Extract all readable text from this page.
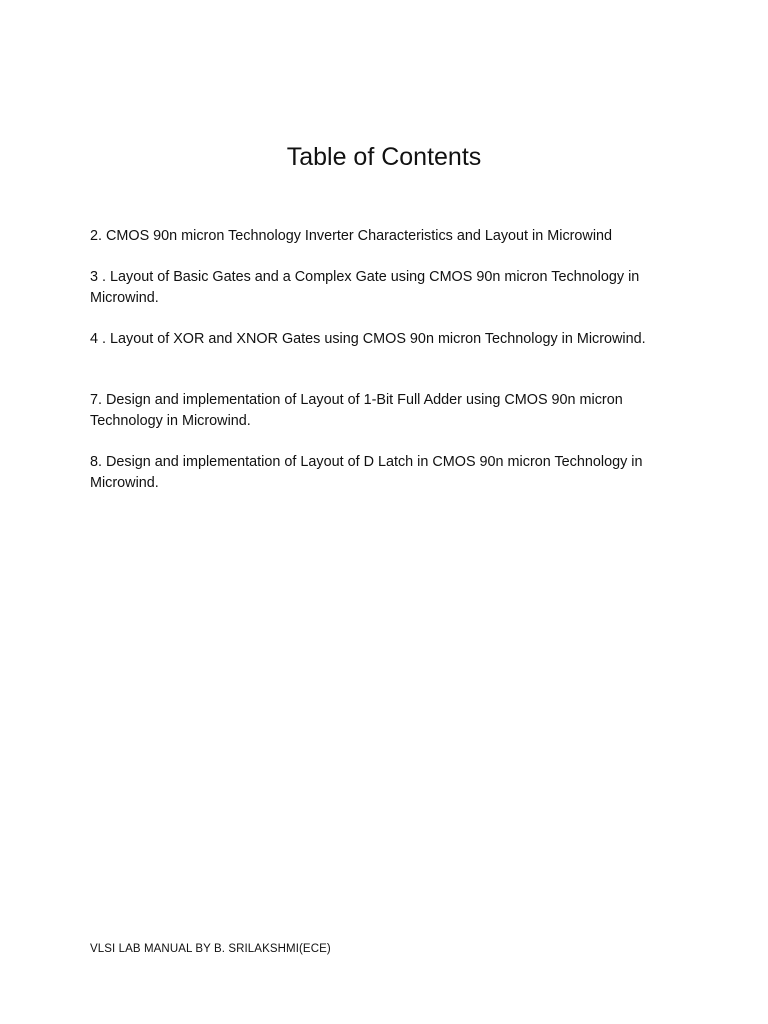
Table of Contents

2. CMOS 90n micron Technology Inverter Characteristics and Layout in Microwind

3 . Layout of Basic Gates and a Complex Gate using CMOS 90n micron Technology in Microwind.

4 . Layout of XOR and XNOR Gates using CMOS 90n micron Technology in Microwind.

7. Design and implementation of Layout of 1-Bit Full Adder using CMOS 90n micron Technology in Microwind.

8. Design and implementation of Layout of D Latch in CMOS 90n micron Technology in Microwind.

VLSI LAB MANUAL BY B. SRILAKSHMI(ECE)
